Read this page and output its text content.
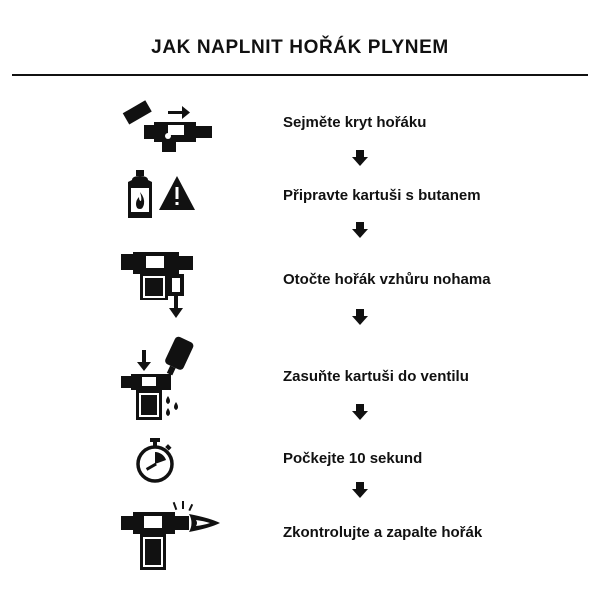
JAK NAPLNIT HOŘÁK PLYNEM
Sejměte kryt hořáku
Připravte kartuši s butanem
Otočte hořák vzhůru nohama
Zasuňte kartuši do ventilu
Počkejte 10 sekund
Zkontrolujte a zapalte hořák
